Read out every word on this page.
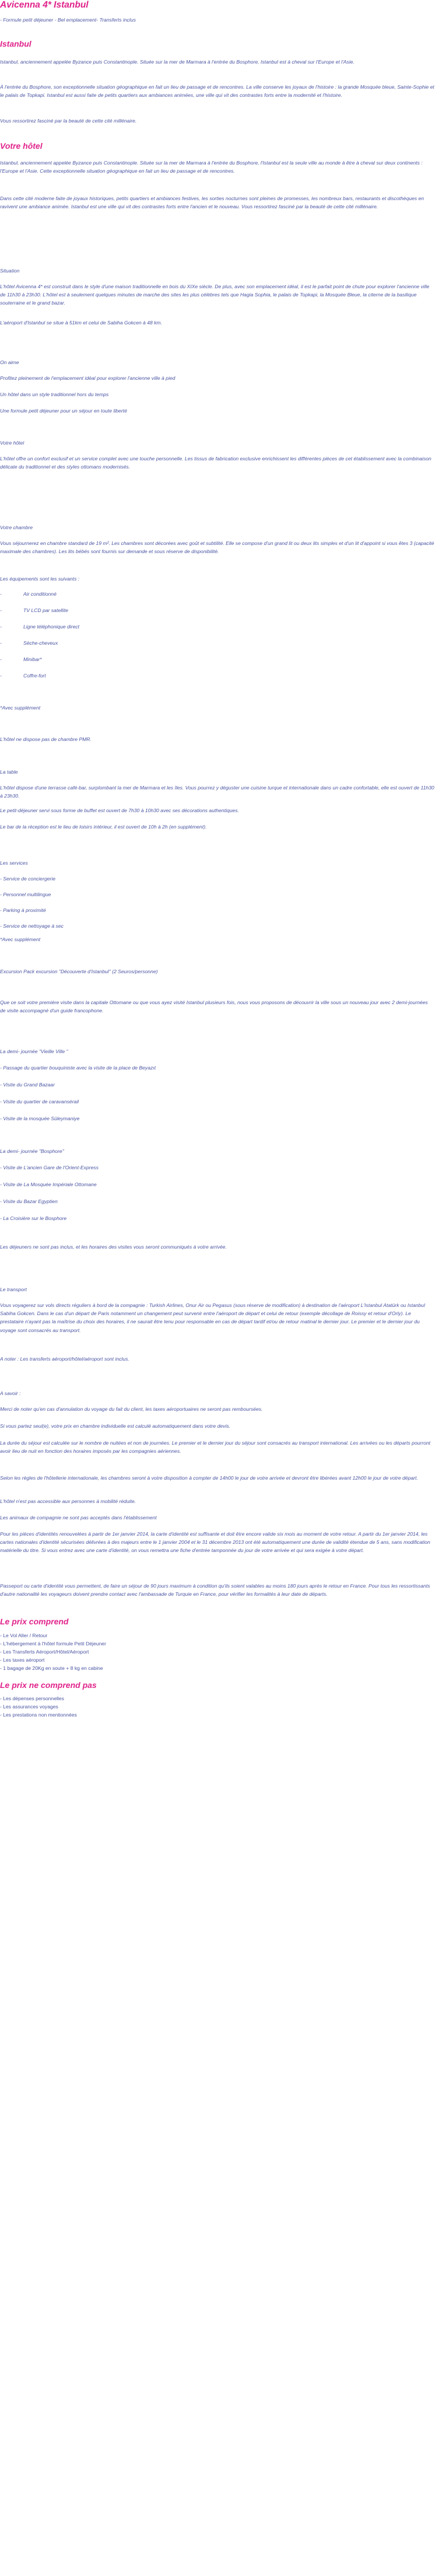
Avicenna 4* Istanbul
- Formule petit déjeuner - Bel emplacement- Transferts inclus
Istanbul
Istanbul, anciennement appelée Byzance puis Constantinople. Située sur la mer de Marmara à l'entrée du Bosphore, Istanbul est à cheval sur l'Europe et l'Asie.
À l'entrée du Bosphore, son exceptionnelle situation géographique en fait un lieu de passage et de rencontres. La ville conserve les joyaux de l'histoire : la grande Mosquée bleue, Sainte-Sophie et le palais de Topkapi. Istanbul est aussi faite de petits quartiers aux ambiances animées, une ville qui vit des contrastes forts entre la modernité et l'histoire.
Vous ressortirez fasciné par la beauté de cette cité millénaire.
Votre hôtel
Istanbul, anciennement appelée Byzance puis Constantinople. Située sur la mer de Marmara à l'entrée du Bosphore, l'Istanbul est la seule ville au monde à être à cheval sur deux continents : l'Europe et l'Asie. Cette exceptionnelle situation géographique en fait un lieu de passage et de rencontres.
Dans cette cité moderne faite de joyaux historiques, petits quartiers et ambiances festives, les sorties nocturnes sont pleines de promesses, les nombreux bars, restaurants et discothèques en ravivent une ambiance animée. Istanbul est une ville qui vit des contrastes forts entre l'ancien et le nouveau. Vous ressortirez fasciné par la beauté de cette cité millénaire.
Situation
L'hôtel Avicenna 4* est construit dans le style d'une maison traditionnelle en bois du XIXe siècle. De plus, avec son emplacement idéal, il est le parfait point de chute pour explorer l'ancienne ville de 11h30 à 23h30. L'hôtel est à seulement quelques minutes de marche des sites les plus célèbres tels que Hagia Sophia, le palais de Topkapi, la Mosquée Bleue, la citerne de la basilique souterraine et le grand bazar.
L'aéroport d'Istanbul se situe à 51km et celui de Sabiha Gokcen à 48 km.
On aime
Profitez pleinement de l'emplacement idéal pour explorer l'ancienne ville à pied
Un hôtel dans un style traditionnel hors du temps
Une formule petit déjeuner pour un séjour en toute liberté
Votre hôtel
L'hôtel offre un confort exclusif et un service complet avec une touche personnelle. Les tissus de fabrication exclusive enrichissent les différentes pièces de cet établissement avec la combinaison délicate du traditionnel et des styles ottomans modernisés.
Votre chambre
Vous séjournerez en chambre standard de 19 m². Les chambres sont décorées avec goût et subtilité. Elle se compose d'un grand lit ou deux lits simples et d'un lit d'appoint si vous êtes 3 (capacité maximale des chambres). Les lits bébés sont fournis sur demande et sous réserve de disponibilité.
Les équipements sont les suivants :
-	Air conditionné
-	TV LCD par satellite
-	Ligne téléphonique direct
-	Sèche-cheveux
-	Minibar*
-	Coffre-fort
*Avec supplément
L'hôtel ne dispose pas de chambre PMR.
La table
L'hôtel dispose d'une terrasse café-bar, surplombant la mer de Marmara et les îles. Vous pourrez y déguster une cuisine turque et internationale dans un cadre confortable, elle est ouvert de 11h30 à 23h30.
Le petit-déjeuner servi sous forme de buffet est ouvert de 7h30 à 10h30 avec ses décorations authentiques.
Le bar de la réception est le lieu de loisirs intérieur, il est ouvert de 10h à 2h (en supplément).
Les services
- Service de conciergerie
- Personnel multilingue
- Parking à proximité
- Service de nettoyage à sec
*Avec supplément
Excursion Pack excursion "Découverte d'Istanbul" (2 Seuros/personne)
Que ce soit votre première visite dans la capitale Ottomane ou que vous ayez visité Istanbul plusieurs fois, nous vous proposons de découvrir la ville sous un nouveau jour avec 2 demi-journées de visite accompagné d'un guide francophone.
La demi- journée "Vieille Ville "
- Passage du quartier bouquiniste avec la visite de la place de Beyazıt
- Visite du Grand Bazaar
- Visite du quartier de caravansérail
- Visite de la mosquée Süleymaniye
La demi- journée "Bosphore"
- Visite de L'ancien Gare de l'Orient-Express
- Visite de La Mosquée Impériale Ottomane
- Visite du Bazar Egyptien
- La Croisière sur le Bosphore
Les déjeuners ne sont pas inclus, et les horaires des visites vous seront communiqués à votre arrivée.
Le transport
Vous voyagerez sur vols directs réguliers à bord de la compagnie : Turkish Airlines, Onur Air ou Pegasus (sous réserve de modification) à destination de l'aéroport L'Istanbul Atatürk ou Istanbul Sabiha Gokcen. Dans le cas d'un départ de Paris notamment un changement peut survenir entre l'aéroport de départ et celui de retour (exemple décollage de Roissy et retour d'Orly). Le prestataire n'ayant pas la maîtrise du choix des horaires, il ne saurait être tenu pour responsable en cas de départ tardif et/ou de retour matinal le dernier jour. Le premier et le dernier jour du voyage sont consacrés au transport.
A noter : Les transferts aéroport/hôtel/aéroport sont inclus.
A savoir :
Merci de noter qu'en cas d'annulation du voyage du fait du client, les taxes aéroportuaires ne seront pas remboursées.
Si vous partez seul(e), votre prix en chambre individuelle est calculé automatiquement dans votre devis.
La durée du séjour est calculée sur le nombre de nuitées et non de journées. Le premier et le dernier jour du séjour sont consacrés au transport international. Les arrivées ou les départs pourront avoir lieu de nuit en fonction des horaires imposés par les compagnies aériennes.
Selon les règles de l'hôtellerie internationale, les chambres seront à votre disposition à compter de 14h00 le jour de votre arrivée et devront être libérées avant 12h00 le jour de votre départ.
L'hôtel n'est pas accessible aux personnes à mobilité réduite.
Les animaux de compagnie ne sont pas acceptés dans l'établissement
Pour les pièces d'identités renouvelées à partir de 1er janvier 2014, la carte d'identité est suffisante et doit être encore valide six mois au moment de votre retour. A partir du 1er janvier 2014, les cartes nationales d'identité sécurisées délivrées à des majeurs entre le 1 janvier 2004 et le 31 décembre 2013 ont été automatiquement une durée de validité étendue de 5 ans, sans modification matérielle du titre. Si vous entrez avec une carte d'identité, on vous remettra une fiche d'entrée tamponnée du jour de votre arrivée et qui sera exigée à votre départ.
Passeport ou carte d'identité vous permettent, de faire un séjour de 90 jours maximum à condition qu'ils soient valables au moins 180 jours après le retour en France. Pour tous les ressortissants d'autre nationalité les voyageurs doivent prendre contact avec l'ambassade de Turquie en France, pour vérifier les formalités à leur date de départs.
Le prix comprend
- Le Vol Aller / Retour
- L'hébergement à l'hôtel formule Petit Déjeuner
- Les Transferts Aéroport/Hôtel/Aéroport
- Les taxes aéroport
- 1 bagage de 20Kg en soute + 8 kg en cabine
Le prix ne comprend pas
- Les dépenses personnelles
- Les assurances voyages
- Les prestations non mentionnées
